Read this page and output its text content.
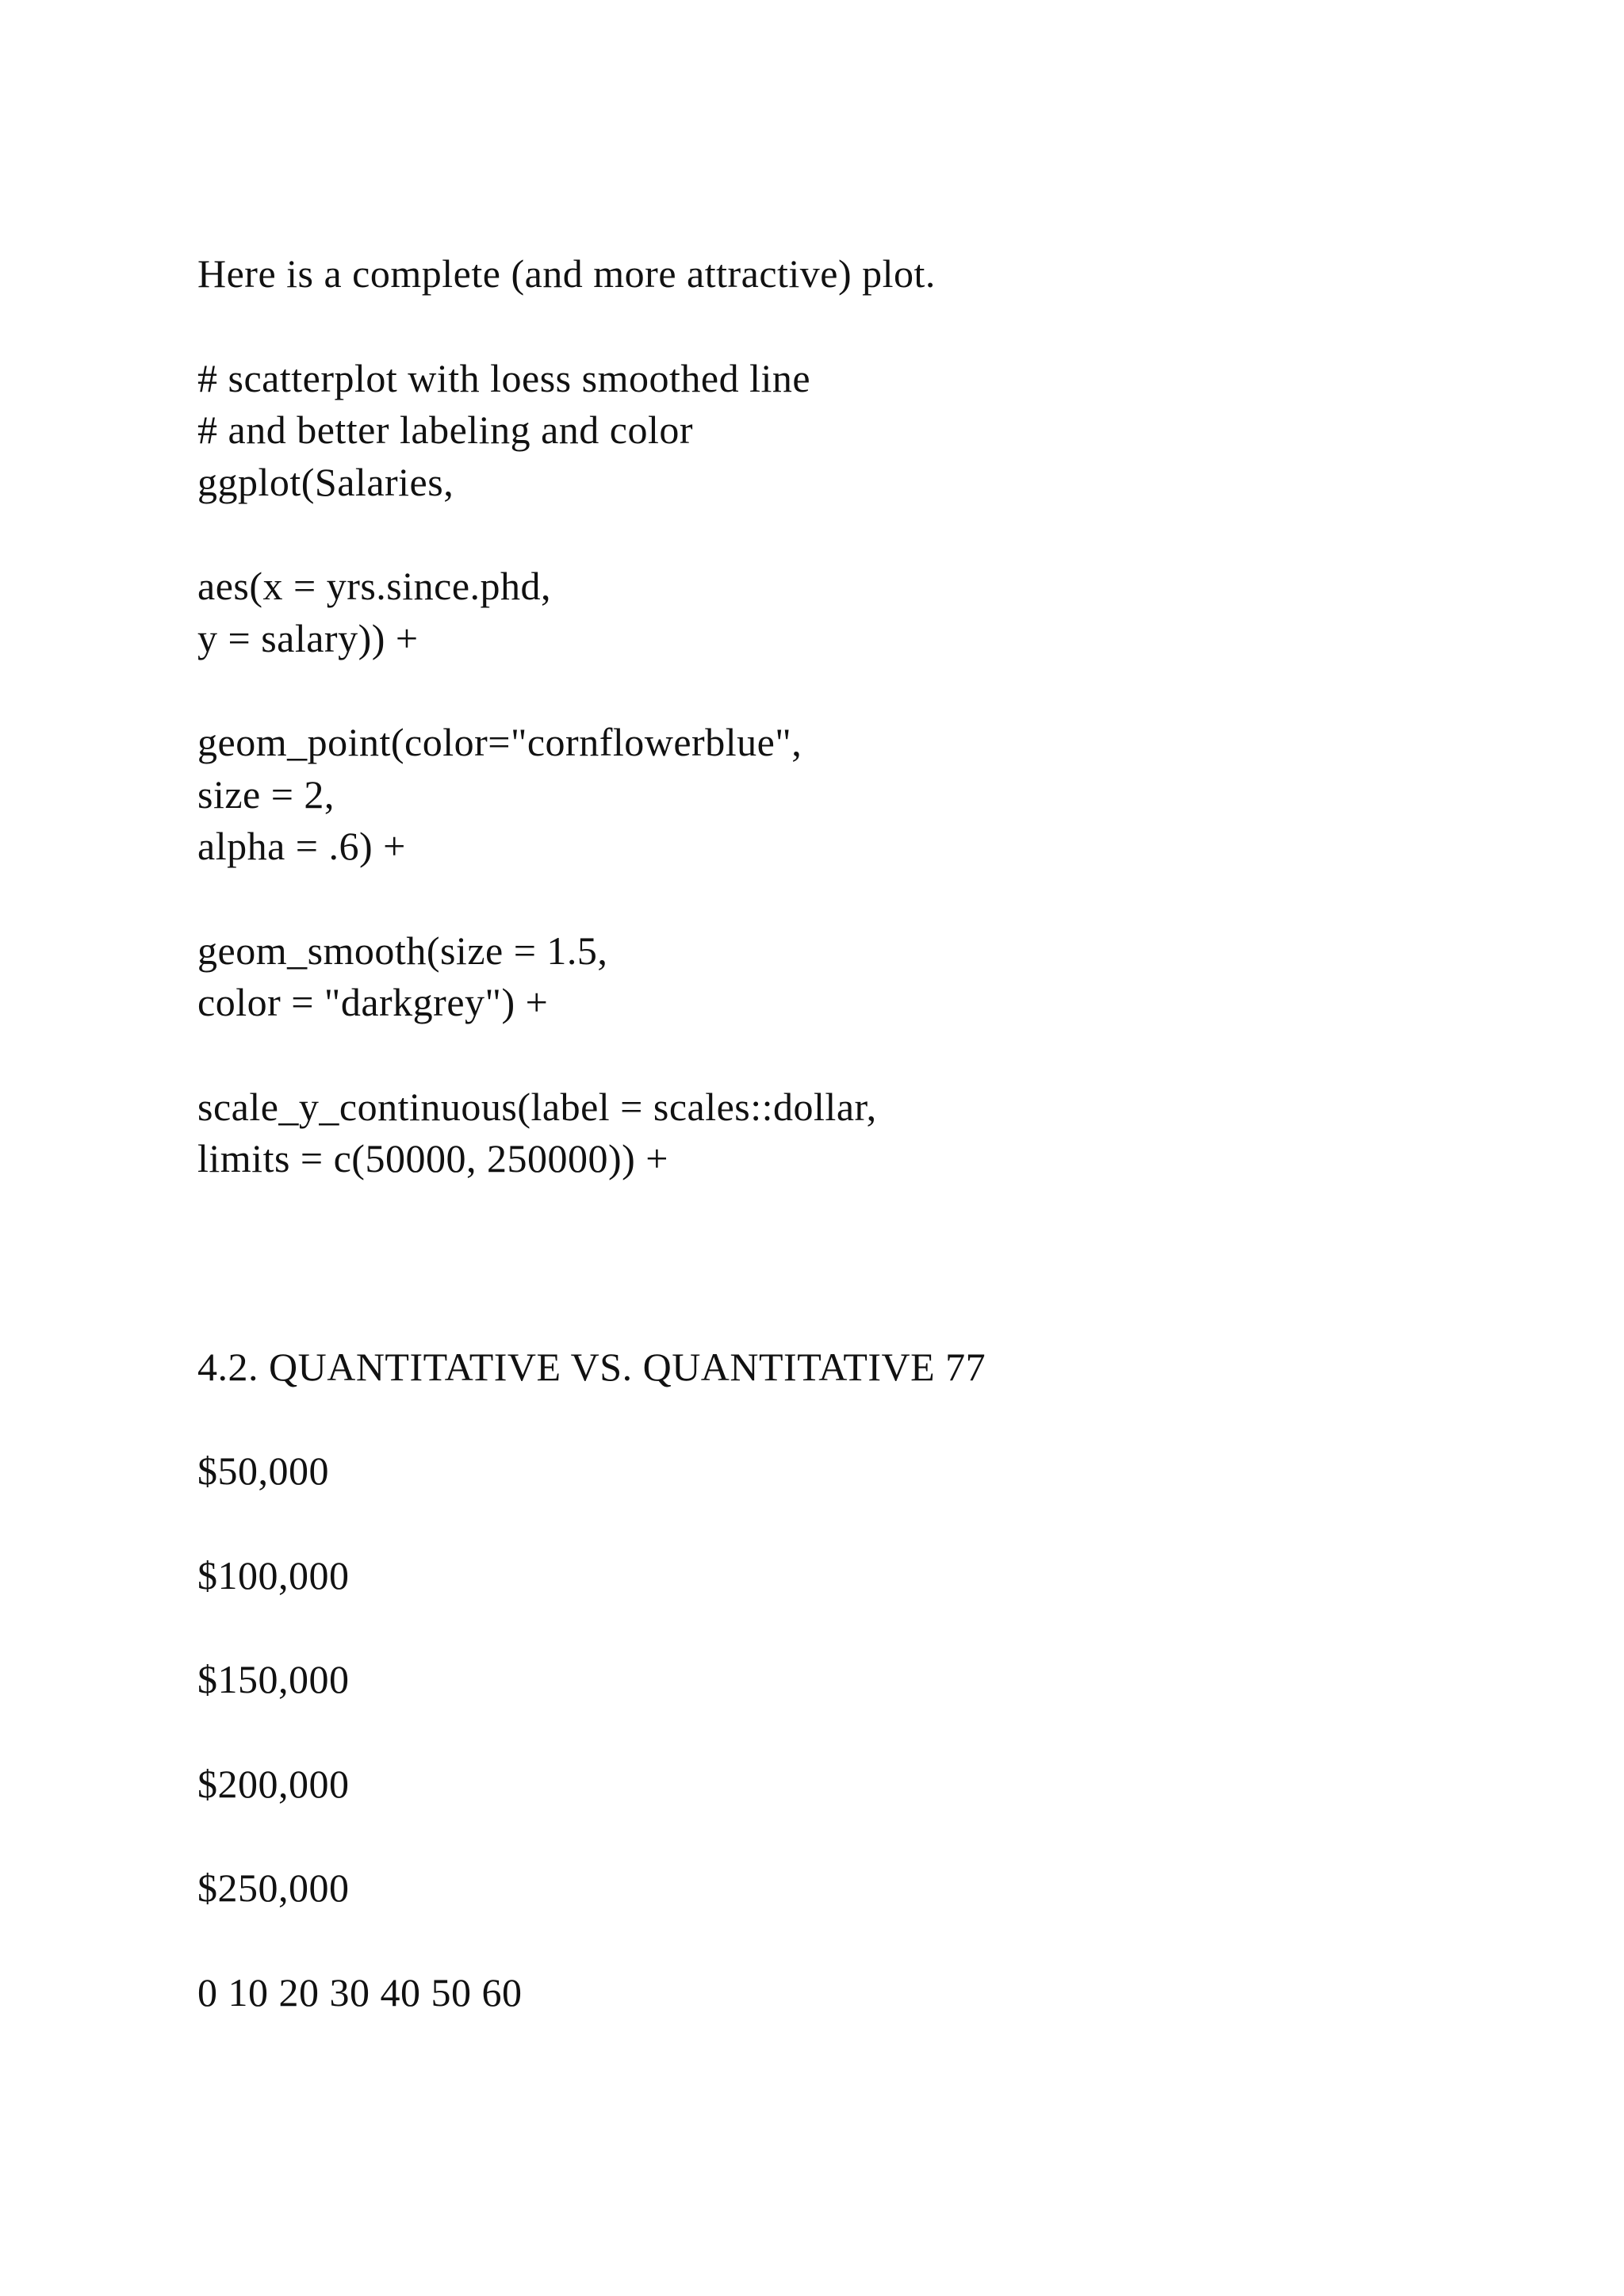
Here is a complete (and more attractive) plot.
# scatterplot with loess smoothed line
# and better labeling and color
ggplot(Salaries,
aes(x = yrs.since.phd,
y = salary)) +
geom_point(color="cornflowerblue",
size = 2,
alpha = .6) +
geom_smooth(size = 1.5,
color = "darkgrey") +
scale_y_continuous(label = scales::dollar,
limits = c(50000, 250000)) +
4.2. QUANTITATIVE VS. QUANTITATIVE 77
$50,000
$100,000
$150,000
$200,000
$250,000
0 10 20 30 40 50 60
